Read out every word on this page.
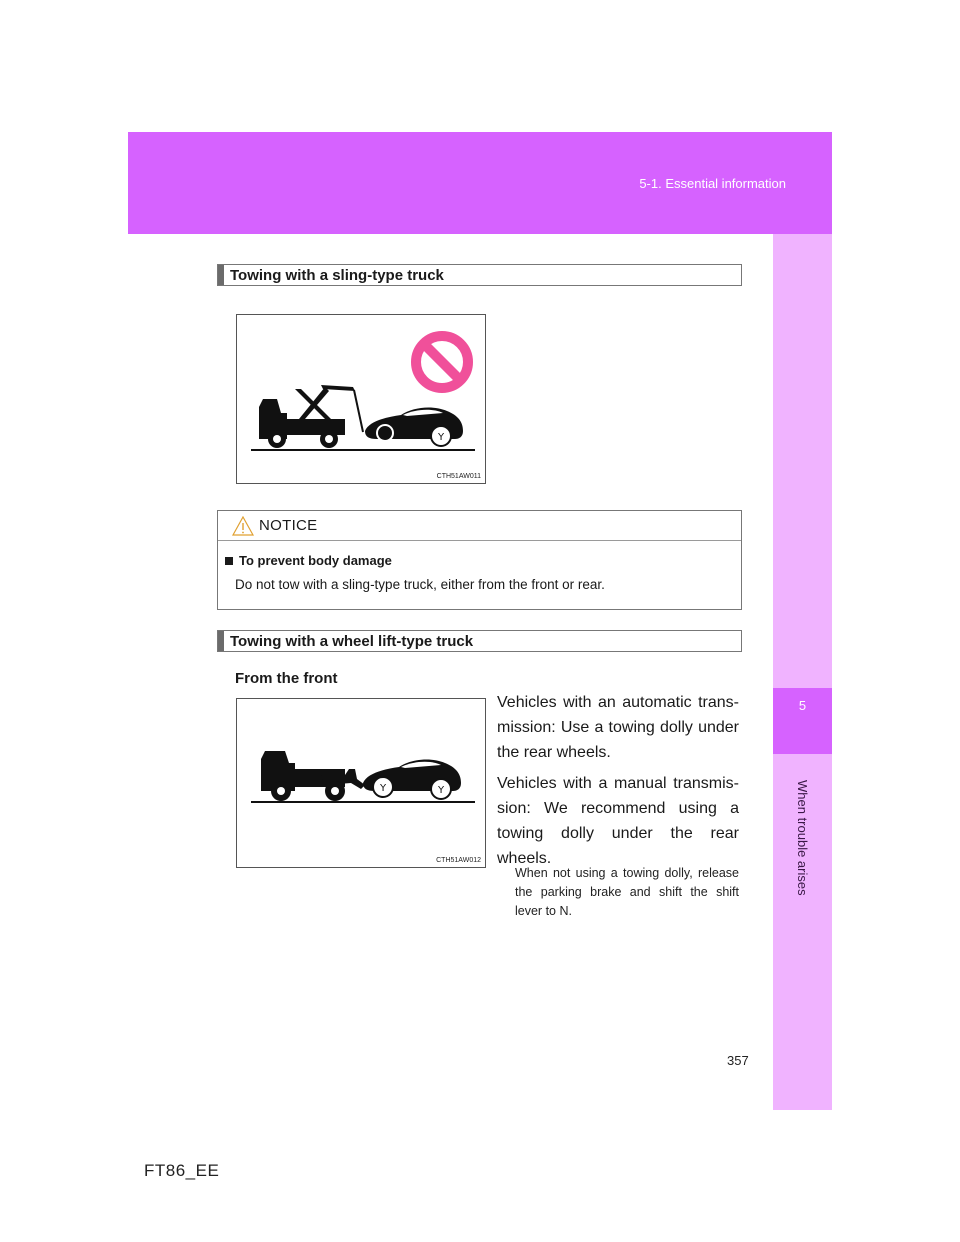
5-1. Essential information
5
When trouble arises
Towing with a sling-type truck
Y
CTH51AW011
NOTICE
To prevent body damage
Do not tow with a sling-type truck, either from the front or rear.
Towing with a wheel lift-type truck
From the front
Y	Y
CTH51AW012
Vehicles with an automatic trans-mission: Use a towing dolly under the rear wheels.
Vehicles with a manual transmis-sion: We recommend using a towing dolly under the rear wheels.
When not using a towing dolly, release the parking brake and shift the shift lever to N.
357
FT86_EE
